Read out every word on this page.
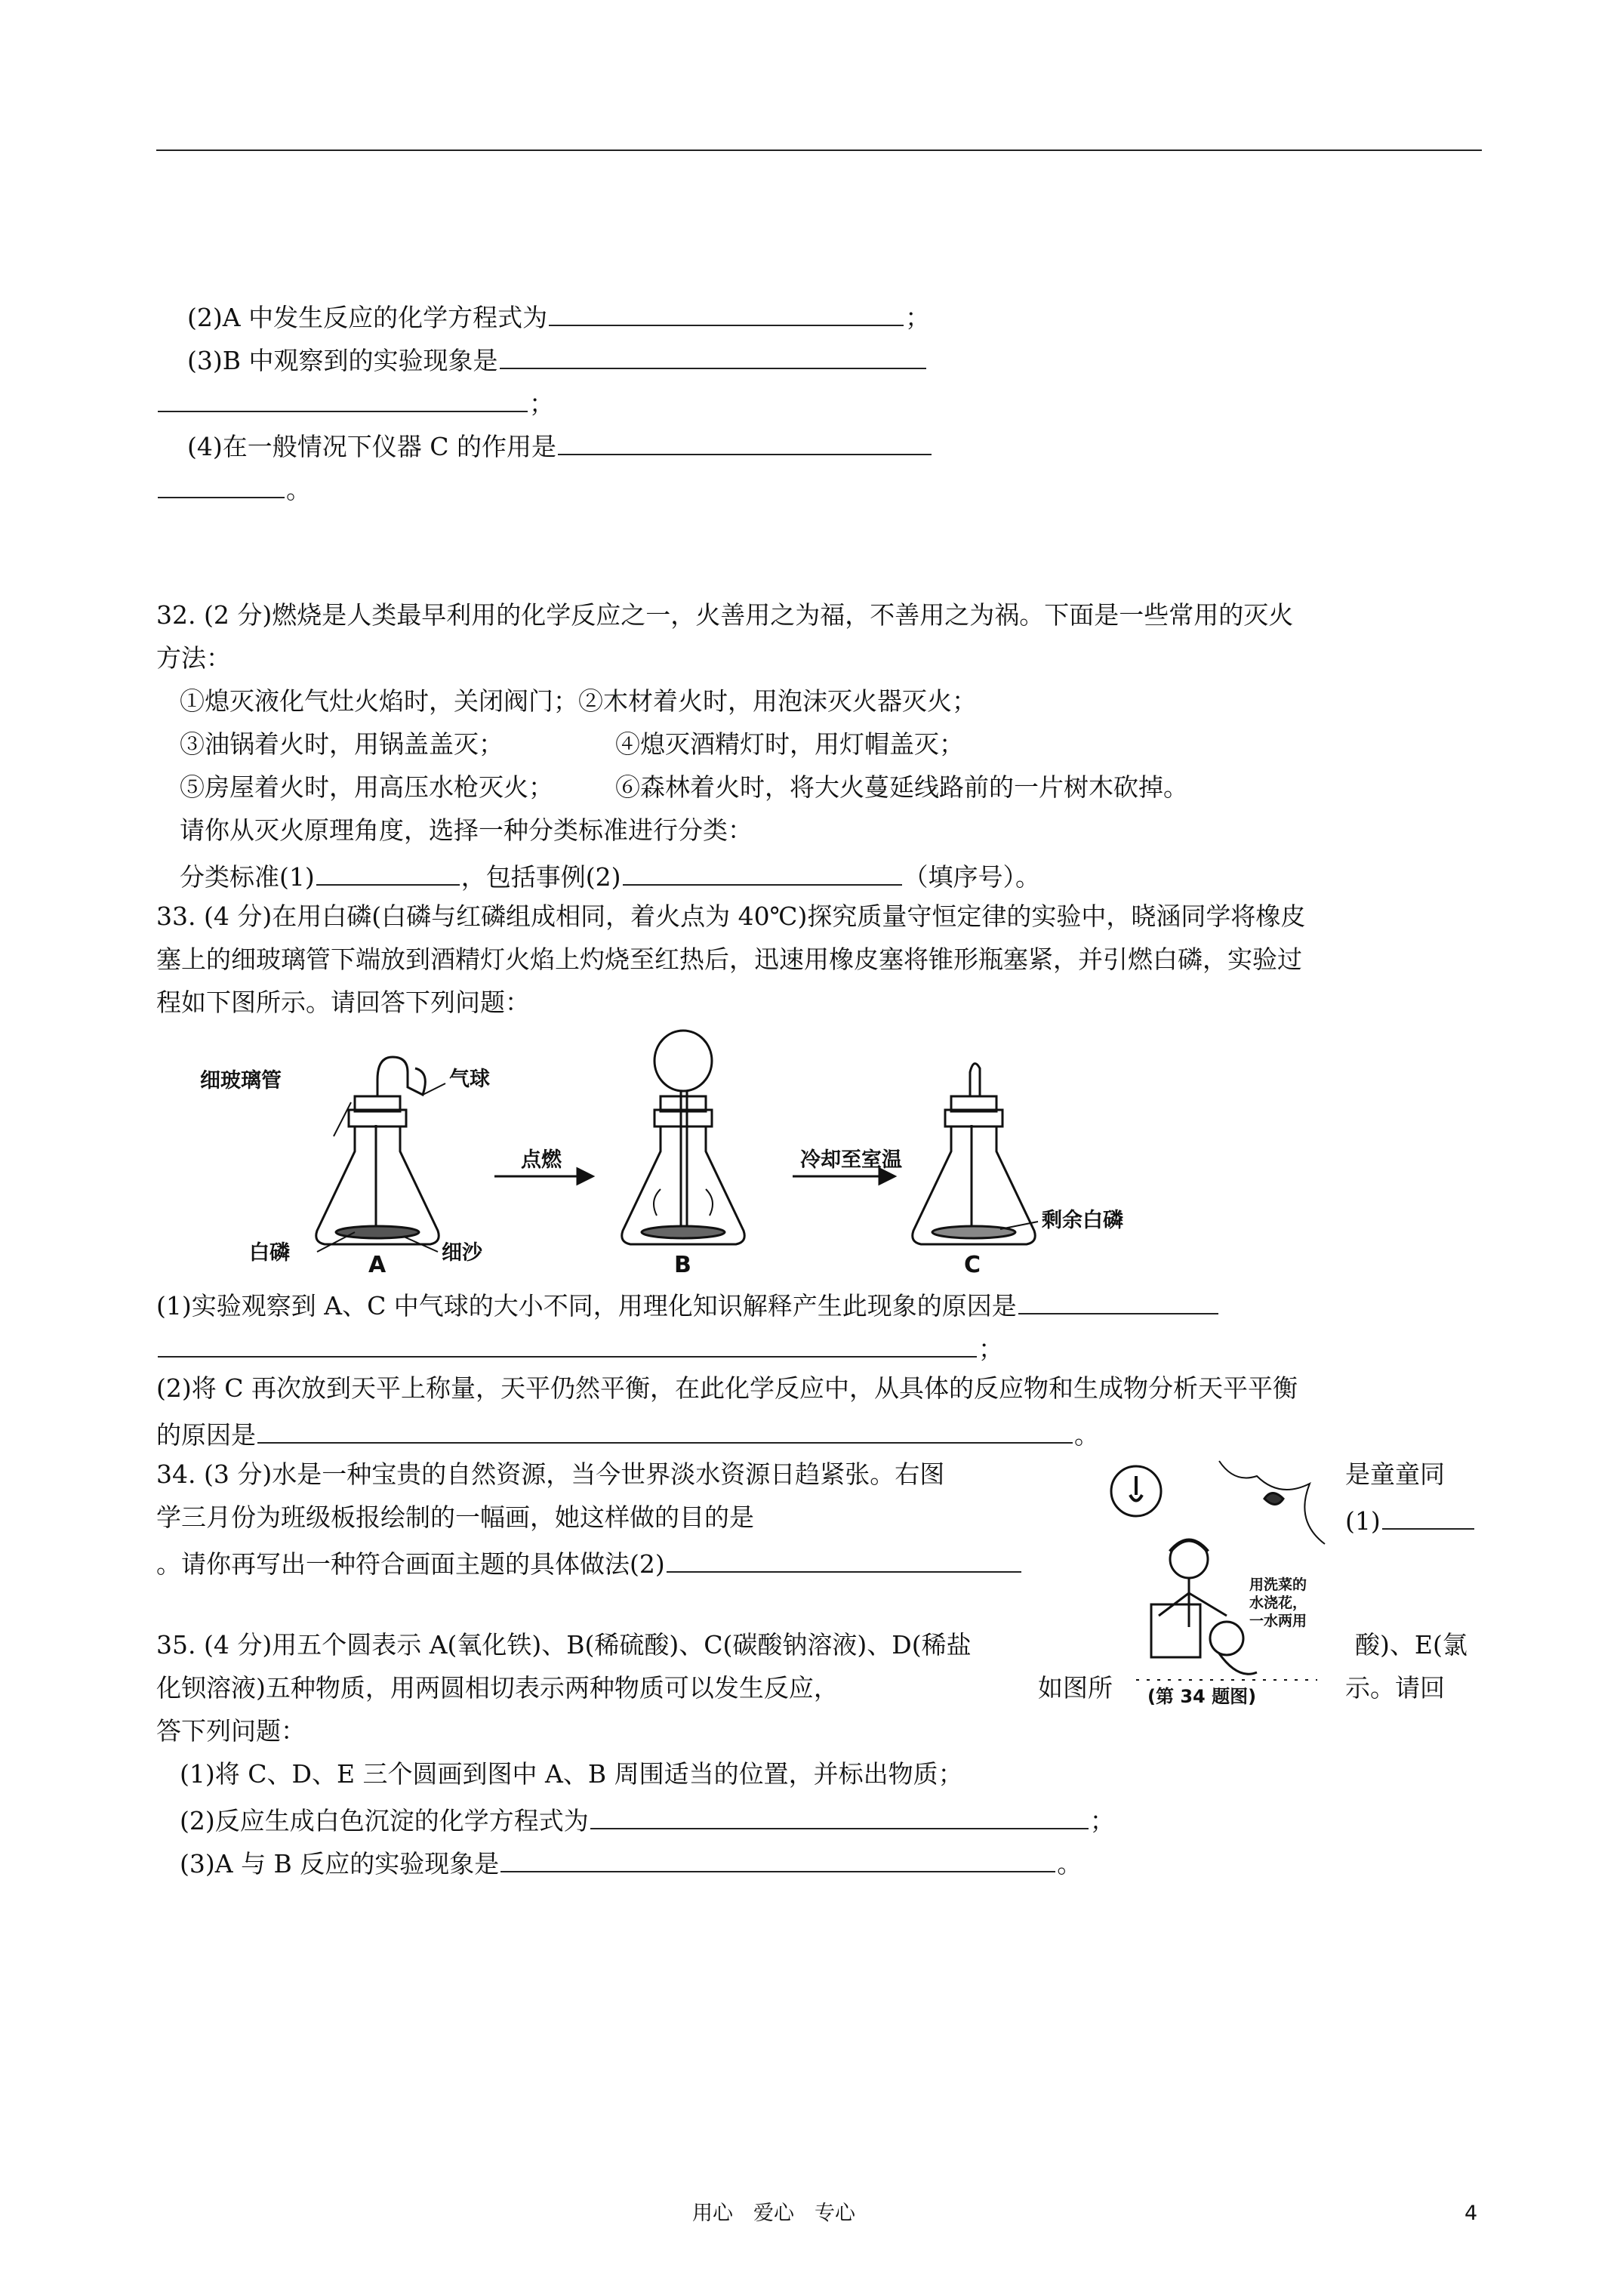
(2)A 中发生反应的化学方程式为	；
(3)B 中观察到的实验现象是
；
(4)在一般情况下仪器 C 的作用是
。
32. (2 分)燃烧是人类最早利用的化学反应之一，火善用之为福，不善用之为祸。下面是一些常用的灭火
方法：
①熄灭液化气灶火焰时，关闭阀门；②木材着火时，用泡沫灭火器灭火；
③油锅着火时，用锅盖盖灭；	④熄灭酒精灯时，用灯帽盖灭；
⑤房屋着火时，用高压水枪灭火； ⑥森林着火时，将大火蔓延线路前的一片树木砍掉。
请你从灭火原理角度，选择一种分类标准进行分类：
分类标准(1)	，包括事例(2)	（填序号）。
33. (4 分)在用白磷(白磷与红磷组成相同，着火点为 40℃)探究质量守恒定律的实验中，晓涵同学将橡皮
塞上的细玻璃管下端放到酒精灯火焰上灼烧至红热后，迅速用橡皮塞将锥形瓶塞紧，并引燃白磷，实验过
程如下图所示。请回答下列问题：
细玻璃管	气球
白磷	细沙
点燃	冷却至室温
剩余白磷
A	B	C
(1)实验观察到 A、C 中气球的大小不同，用理化知识解释产生此现象的原因是
；
(2)将 C 再次放到天平上称量，天平仍然平衡，在此化学反应中，从具体的反应物和生成物分析天平平衡
的原因是	。
34. (3 分)水是一种宝贵的自然资源，当今世界淡水资源日趋紧张。右图	是童童同
学三月份为班级板报绘制的一幅画，她这样做的目的是	(1)
。请你再写出一种符合画面主题的具体做法(2)
用洗菜的水浇花，一水两用
(第 34 题图)
35. (4 分)用五个圆表示 A(氧化铁)、B(稀硫酸)、C(碳酸钠溶液)、D(稀盐	酸)、E(氯
化钡溶液)五种物质，用两圆相切表示两种物质可以发生反应，	如图所	示。请回
答下列问题：
(1)将 C、D、E 三个圆画到图中 A、B 周围适当的位置，并标出物质；
(2)反应生成白色沉淀的化学方程式为	；
(3)A 与 B 反应的实验现象是	。
用心　爱心　专心	4
